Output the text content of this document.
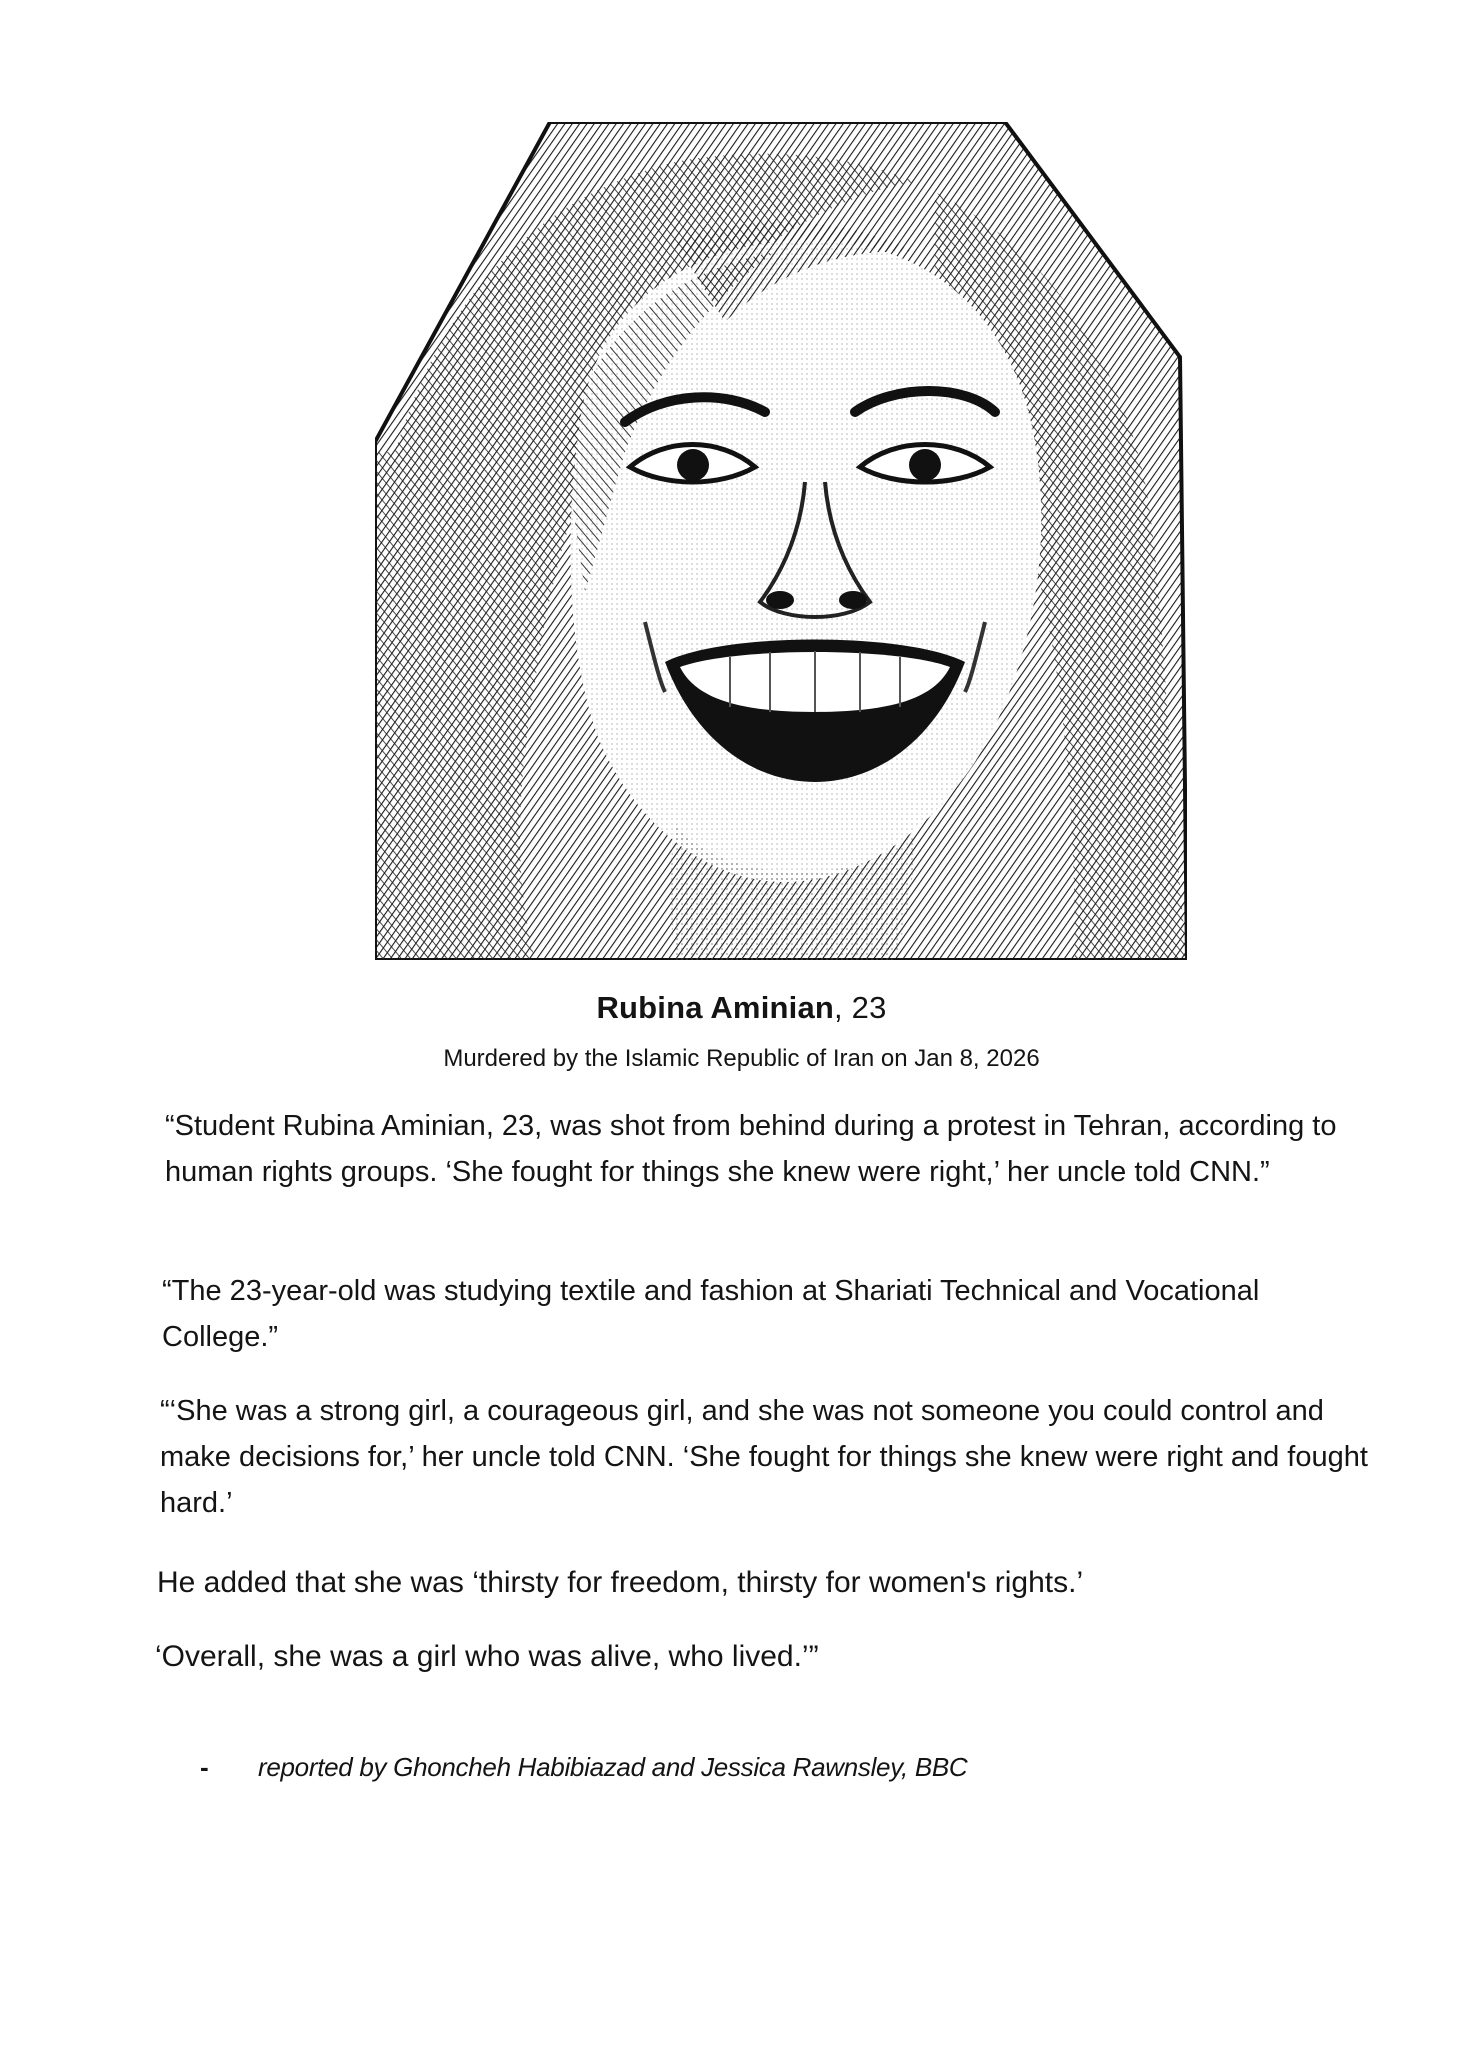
Rubina Aminian, 23
Murdered by the Islamic Republic of Iran on Jan 8, 2026

“Student Rubina Aminian, 23, was shot from behind during a protest in Tehran, according to human rights groups. ‘She fought for things she knew were right,’ her uncle told CNN.”

“The 23-year-old was studying textile and fashion at Shariati Technical and Vocational College.”

“‘She was a strong girl, a courageous girl, and she was not someone you could control and make decisions for,’ her uncle told CNN. ‘She fought for things she knew were right and fought hard.’

He added that she was ‘thirsty for freedom, thirsty for women's rights.’

‘Overall, she was a girl who was alive, who lived.’”

- reported by Ghoncheh Habibiazad and Jessica Rawnsley, BBC
